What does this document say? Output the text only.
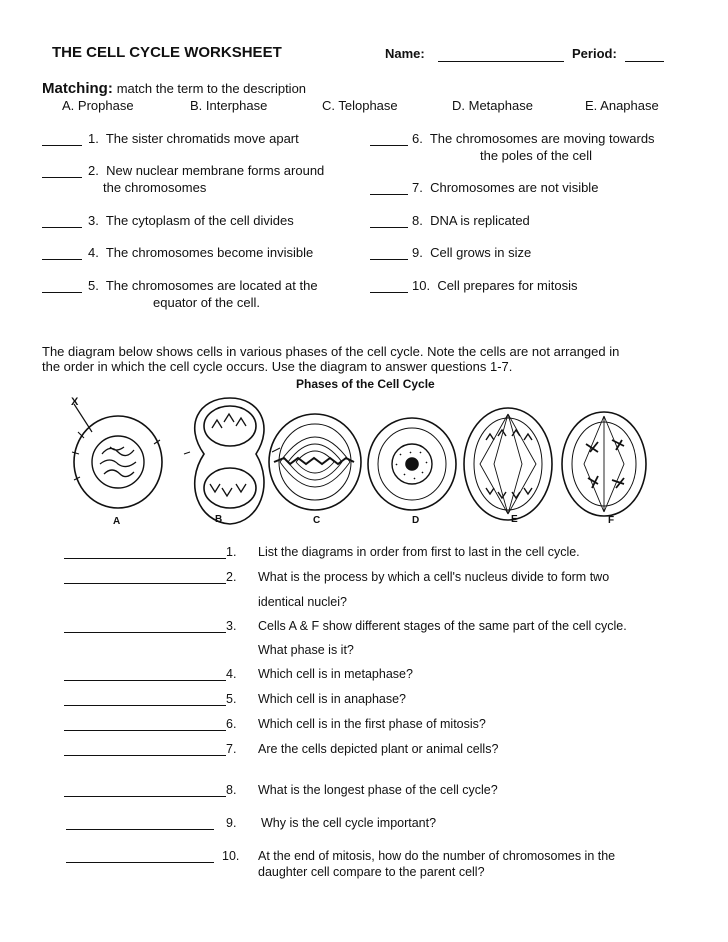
THE CELL CYCLE WORKSHEET	Name:	Period:
Matching: match the term to the description
A. Prophase	B. Interphase	C. Telophase	D. Metaphase	E. Anaphase
1. The sister chromatids move apart
2. New nuclear membrane forms around
the chromosomes
3. The cytoplasm of the cell divides
4. The chromosomes become invisible
5. The chromosomes are located at the
equator of the cell.
6. The chromosomes are moving towards
the poles of the cell
7. Chromosomes are not visible
8. DNA is replicated
9. Cell grows in size
10. Cell prepares for mitosis
The diagram below shows cells in various phases of the cell cycle. Note the cells are not arranged in
the order in which the cell cycle occurs. Use the diagram to answer questions 1-7.
Phases of the Cell Cycle
X
A	B	C	D	E	F
1. List the diagrams in order from first to last in the cell cycle.
2. What is the process by which a cell's nucleus divide to form two
identical nuclei?
3. Cells A & F show different stages of the same part of the cell cycle.
What phase is it?
4. Which cell is in metaphase?
5. Which cell is in anaphase?
6. Which cell is in the first phase of mitosis?
7. Are the cells depicted plant or animal cells?
8. What is the longest phase of the cell cycle?
9. Why is the cell cycle important?
10. At the end of mitosis, how do the number of chromosomes in the
daughter cell compare to the parent cell?
